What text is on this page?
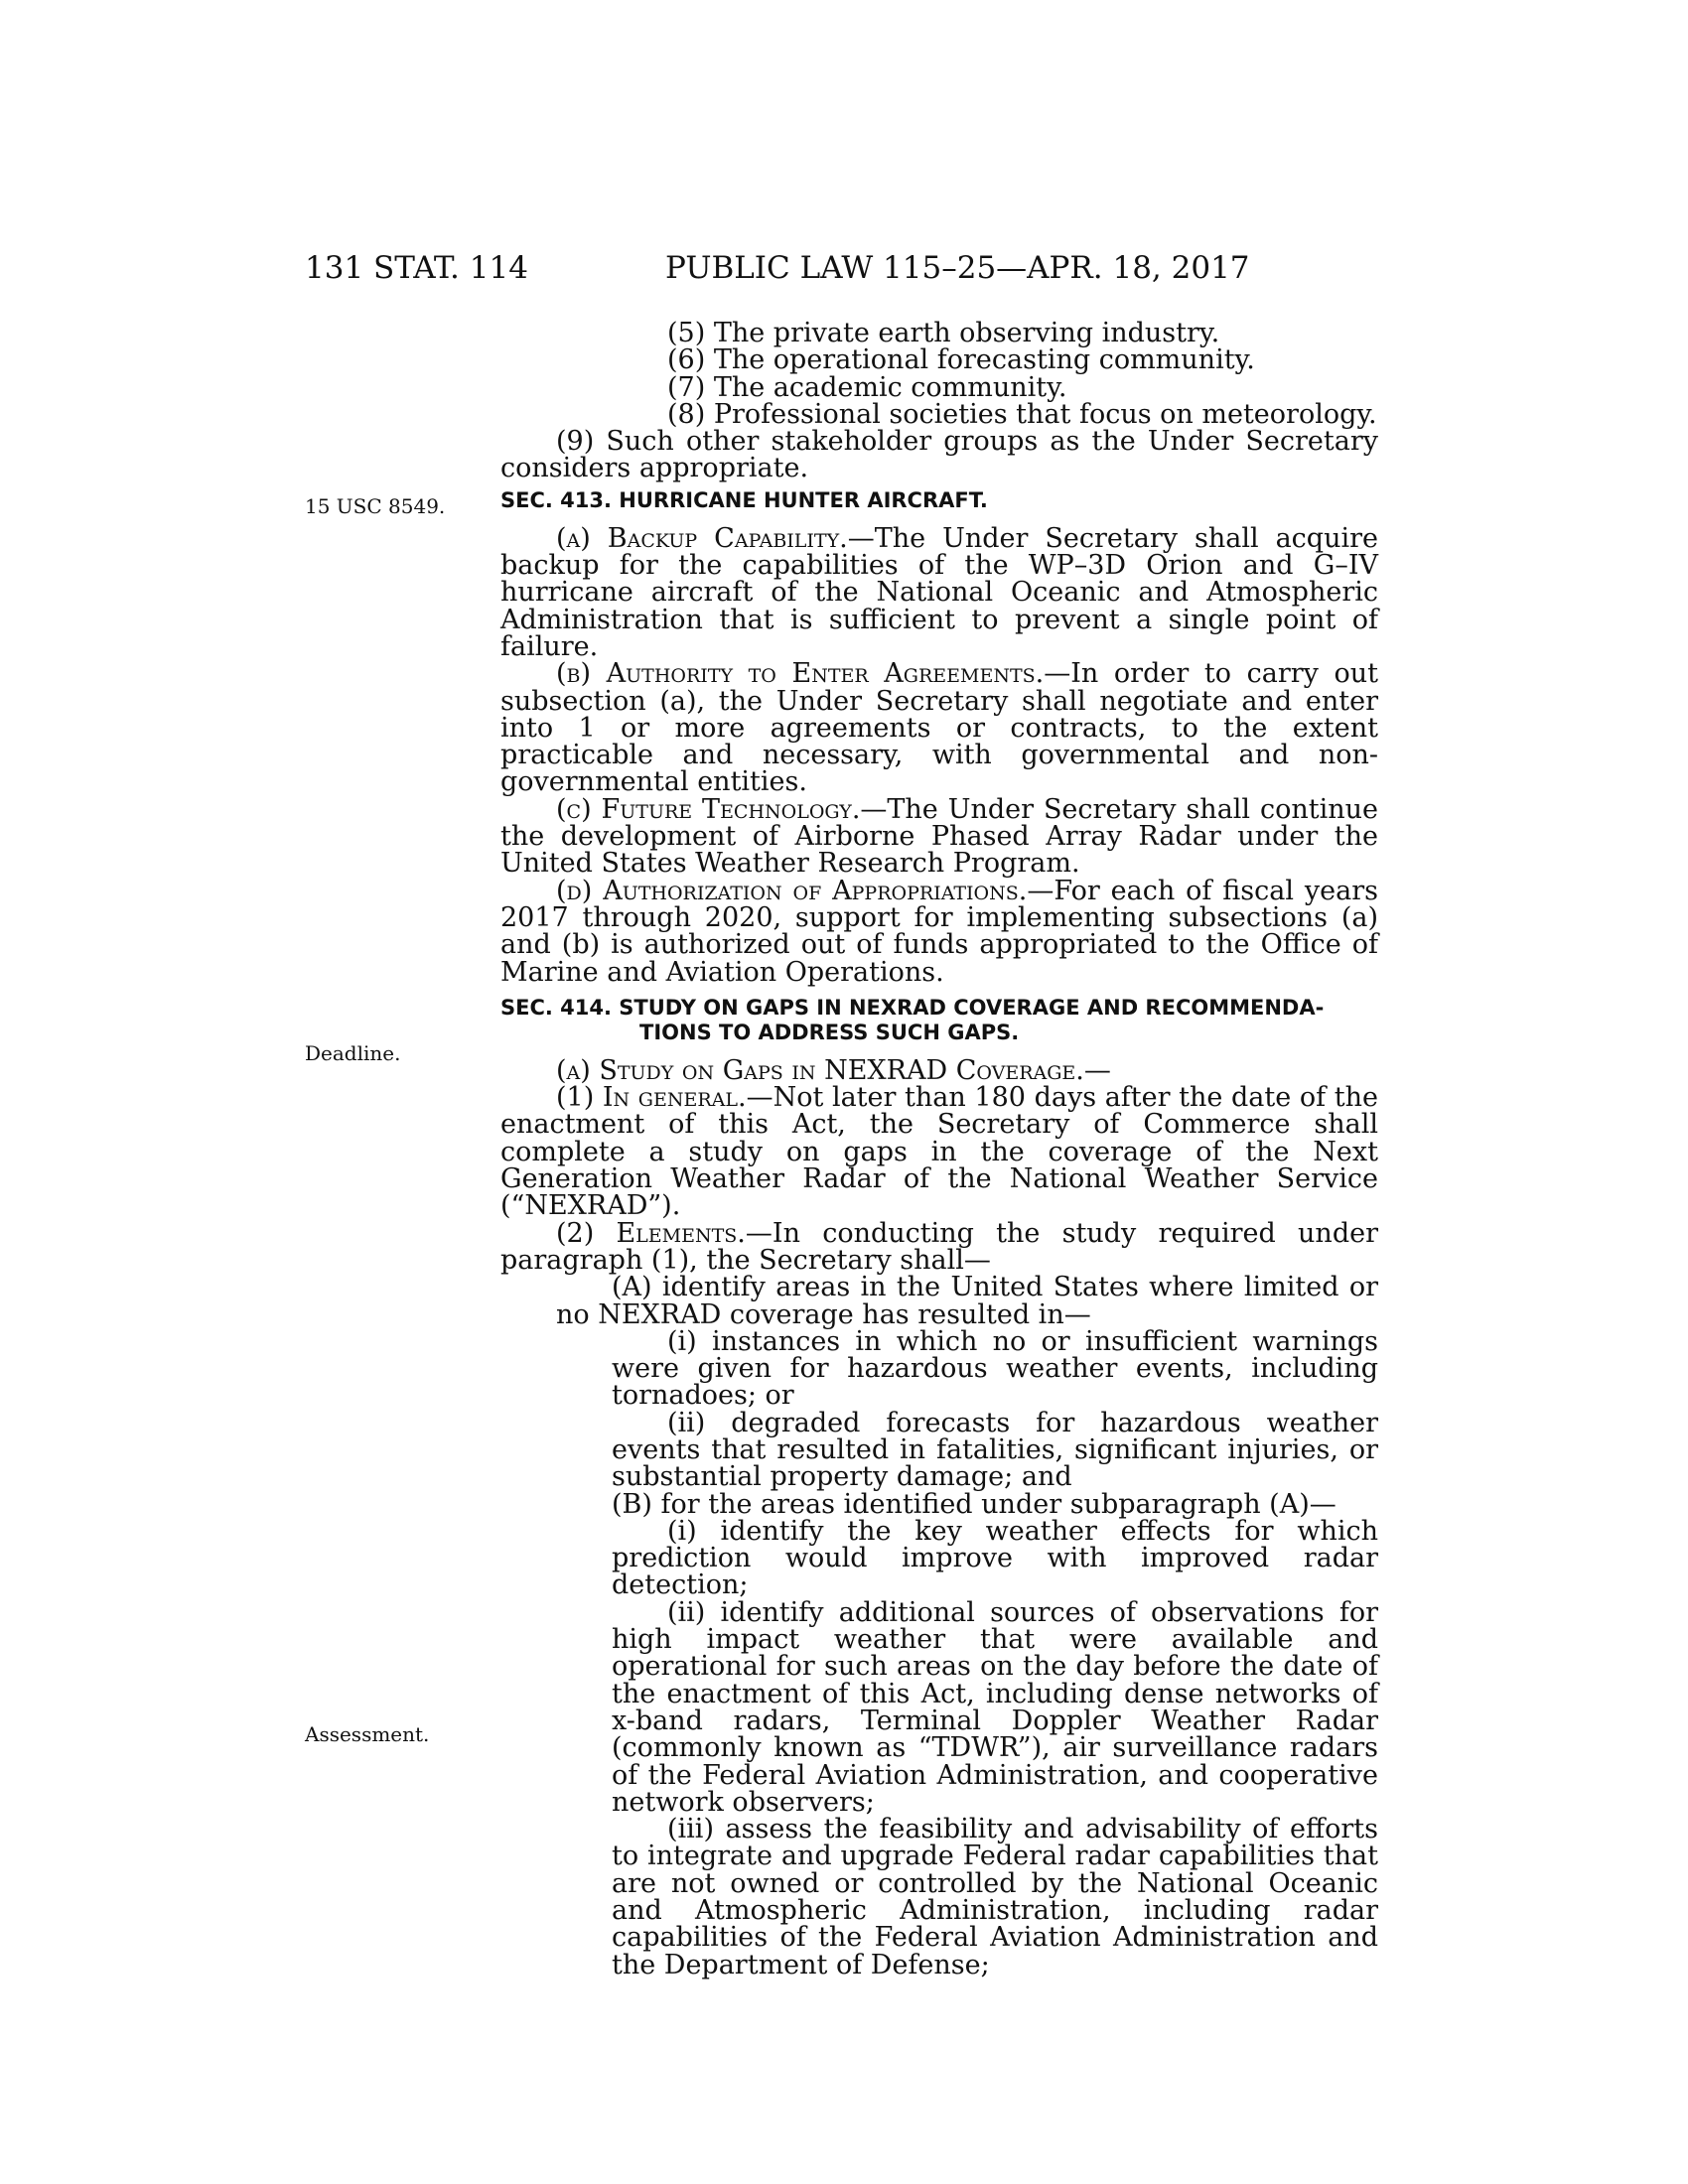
131 STAT. 114	PUBLIC LAW 115–25—APR. 18, 2017
15 USC 8549.
Deadline.
Assessment.

(5) The private earth observing industry.

(6) The operational forecasting community.

(7) The academic community.

(8) Professional societies that focus on meteorology.

(9) Such other stakeholder groups as the Under Secretary considers appropriate.

SEC. 413. HURRICANE HUNTER AIRCRAFT.

(a) Backup Capability.—The Under Secretary shall acquire backup for the capabilities of the WP–3D Orion and G–IV hurricane aircraft of the National Oceanic and Atmospheric Administration that is sufficient to prevent a single point of failure.

(b) Authority to Enter Agreements.—In order to carry out subsection (a), the Under Secretary shall negotiate and enter into 1 or more agreements or contracts, to the extent practicable and necessary, with governmental and non-governmental entities.

(c) Future Technology.—The Under Secretary shall continue the development of Airborne Phased Array Radar under the United States Weather Research Program.

(d) Authorization of Appropriations.—For each of fiscal years 2017 through 2020, support for implementing subsections (a) and (b) is authorized out of funds appropriated to the Office of Marine and Aviation Operations.

SEC. 414. STUDY ON GAPS IN NEXRAD COVERAGE AND RECOMMENDA-

TIONS TO ADDRESS SUCH GAPS.

(a) Study on Gaps in NEXRAD Coverage.—

(1) In general.—Not later than 180 days after the date of the enactment of this Act, the Secretary of Commerce shall complete a study on gaps in the coverage of the Next Generation Weather Radar of the National Weather Service (“NEXRAD”).

(2) Elements.—In conducting the study required under paragraph (1), the Secretary shall—

(A) identify areas in the United States where limited or no NEXRAD coverage has resulted in—

(i) instances in which no or insufficient warnings were given for hazardous weather events, including tornadoes; or

(ii) degraded forecasts for hazardous weather events that resulted in fatalities, significant injuries, or substantial property damage; and

(B) for the areas identified under subparagraph (A)—

(i) identify the key weather effects for which prediction would improve with improved radar detection;

(ii) identify additional sources of observations for high impact weather that were available and operational for such areas on the day before the date of the enactment of this Act, including dense networks of x-band radars, Terminal Doppler Weather Radar (commonly known as “TDWR”), air surveillance radars of the Federal Aviation Administration, and cooperative network observers;

(iii) assess the feasibility and advisability of efforts to integrate and upgrade Federal radar capabilities that are not owned or controlled by the National Oceanic and Atmospheric Administration, including radar capabilities of the Federal Aviation Administration and the Department of Defense;
